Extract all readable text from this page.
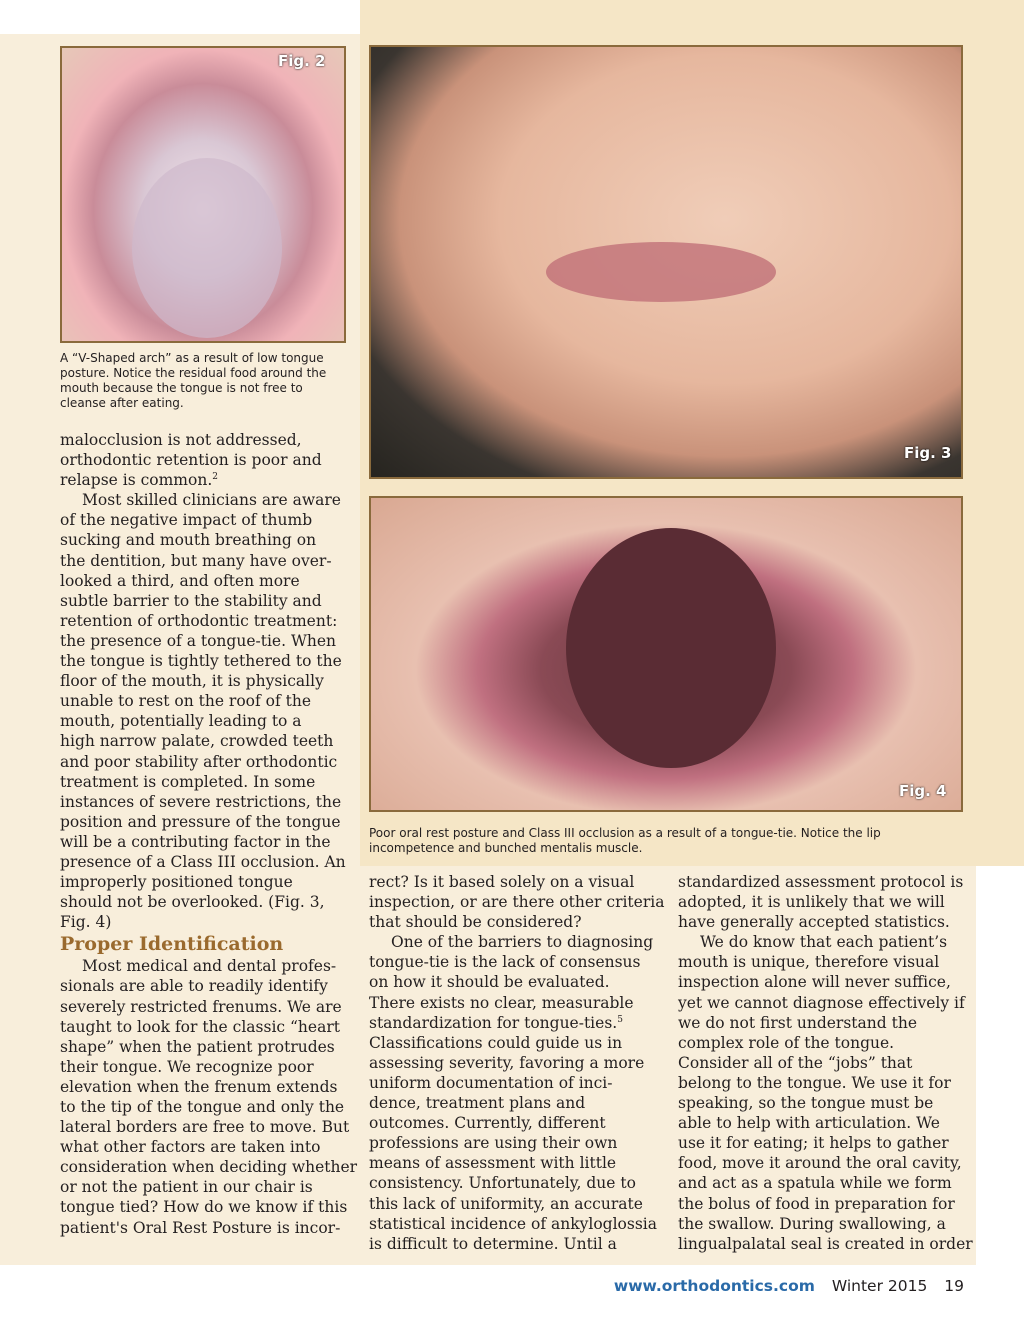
Fig. 2
Fig. 3
Fig. 4
A “V-Shaped arch” as a result of low tongue posture. Notice the residual food around the mouth because the tongue is not free to cleanse after eating.
Poor oral rest posture and Class III occlusion as a result of a tongue-tie. Notice the lip incompetence and bunched mentalis muscle.

malocclusion is not addressed,

orthodontic retention is poor and

relapse is common.$^2$

Most skilled clinicians are aware

of the negative impact of thumb

sucking and mouth breathing on

the dentition, but many have over-

looked a third, and often more

subtle barrier to the stability and

retention of orthodontic treatment:

the presence of a tongue-tie. When

the tongue is tightly tethered to the

floor of the mouth, it is physically

unable to rest on the roof of the

mouth, potentially leading to a

high narrow palate, crowded teeth

and poor stability after orthodontic

treatment is completed. In some

instances of severe restrictions, the

position and pressure of the tongue

will be a contributing factor in the

presence of a Class III occlusion. An

improperly positioned tongue

should not be overlooked. (Fig. 3,

Fig. 4)

Proper Identification

Most medical and dental profes-

sionals are able to readily identify

severely restricted frenums. We are

taught to look for the classic “heart

shape” when the patient protrudes

their tongue. We recognize poor

elevation when the frenum extends

to the tip of the tongue and only the

lateral borders are free to move. But

what other factors are taken into

consideration when deciding whether

or not the patient in our chair is

tongue tied? How do we know if this

patient's Oral Rest Posture is incor-

rect? Is it based solely on a visual

inspection, or are there other criteria

that should be considered?

One of the barriers to diagnosing

tongue-tie is the lack of consensus

on how it should be evaluated.

There exists no clear, measurable

standardization for tongue-ties.$^5$

Classifications could guide us in

assessing severity, favoring a more

uniform documentation of inci-

dence, treatment plans and

outcomes. Currently, different

professions are using their own

means of assessment with little

consistency. Unfortunately, due to

this lack of uniformity, an accurate

statistical incidence of ankyloglossia

is difficult to determine. Until a

standardized assessment protocol is

adopted, it is unlikely that we will

have generally accepted statistics.

We do know that each patient’s

mouth is unique, therefore visual

inspection alone will never suffice,

yet we cannot diagnose effectively if

we do not first understand the

complex role of the tongue.

Consider all of the “jobs” that

belong to the tongue. We use it for

speaking, so the tongue must be

able to help with articulation. We

use it for eating; it helps to gather

food, move it around the oral cavity,

and act as a spatula while we form

the bolus of food in preparation for

the swallow. During swallowing, a

lingualpalatal seal is created in order

www.orthodontics.com Winter 2015 19
